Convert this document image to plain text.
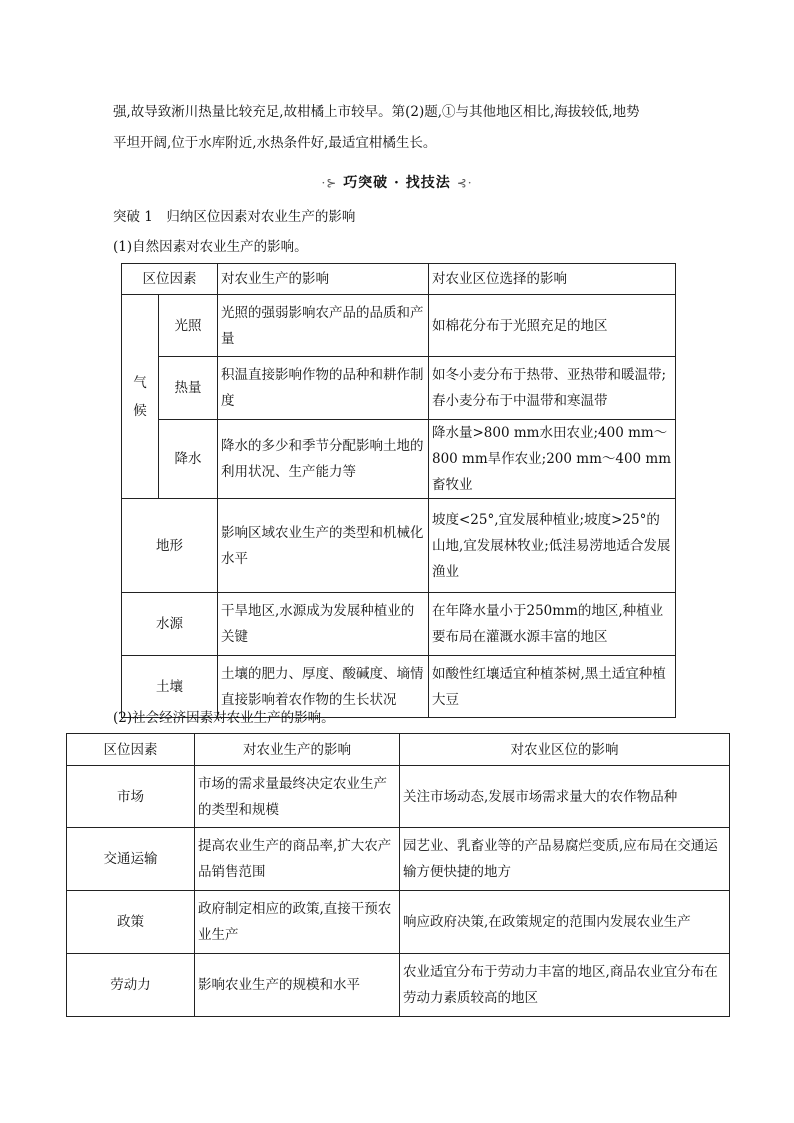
强,故导致淅川热量比较充足,故柑橘上市较早。第(2)题,①与其他地区相比,海拔较低,地势
平坦开阔,位于水库附近,水热条件好,最适宜柑橘生长。
·⊱ 巧突破 · 找技法 ⊰·
突破 1　归纳区位因素对农业生产的影响
(1)自然因素对农业生产的影响。
区位因素		对农业生产的影响	对农业区位选择的影响
气候	光照	光照的强弱影响农产品的品质和产量	如棉花分布于光照充足的地区
	热量	积温直接影响作物的品种和耕作制度	如冬小麦分布于热带、亚热带和暖温带;春小麦分布于中温带和寒温带
	降水	降水的多少和季节分配影响土地的利用状况、生产能力等	降水量>800 mm水田农业;400 mm～800 mm旱作农业;200 mm～400 mm畜牧业
地形		影响区域农业生产的类型和机械化水平	坡度<25°,宜发展种植业;坡度>25°的山地,宜发展林牧业;低洼易涝地适合发展渔业
水源		干旱地区,水源成为发展种植业的关键	在年降水量小于250mm的地区,种植业要布局在灌溉水源丰富的地区
土壤		土壤的肥力、厚度、酸碱度、墒情直接影响着农作物的生长状况	如酸性红壤适宜种植茶树,黑土适宜种植大豆
(2)社会经济因素对农业生产的影响。
区位因素	对农业生产的影响	对农业区位的影响
市场	市场的需求量最终决定农业生产的类型和规模	关注市场动态,发展市场需求量大的农作物品种
交通运输	提高农业生产的商品率,扩大农产品销售范围	园艺业、乳畜业等的产品易腐烂变质,应布局在交通运输方便快捷的地方
政策	政府制定相应的政策,直接干预农业生产	响应政府决策,在政策规定的范围内发展农业生产
劳动力	影响农业生产的规模和水平	农业适宜分布于劳动力丰富的地区,商品农业宜分布在劳动力素质较高的地区
